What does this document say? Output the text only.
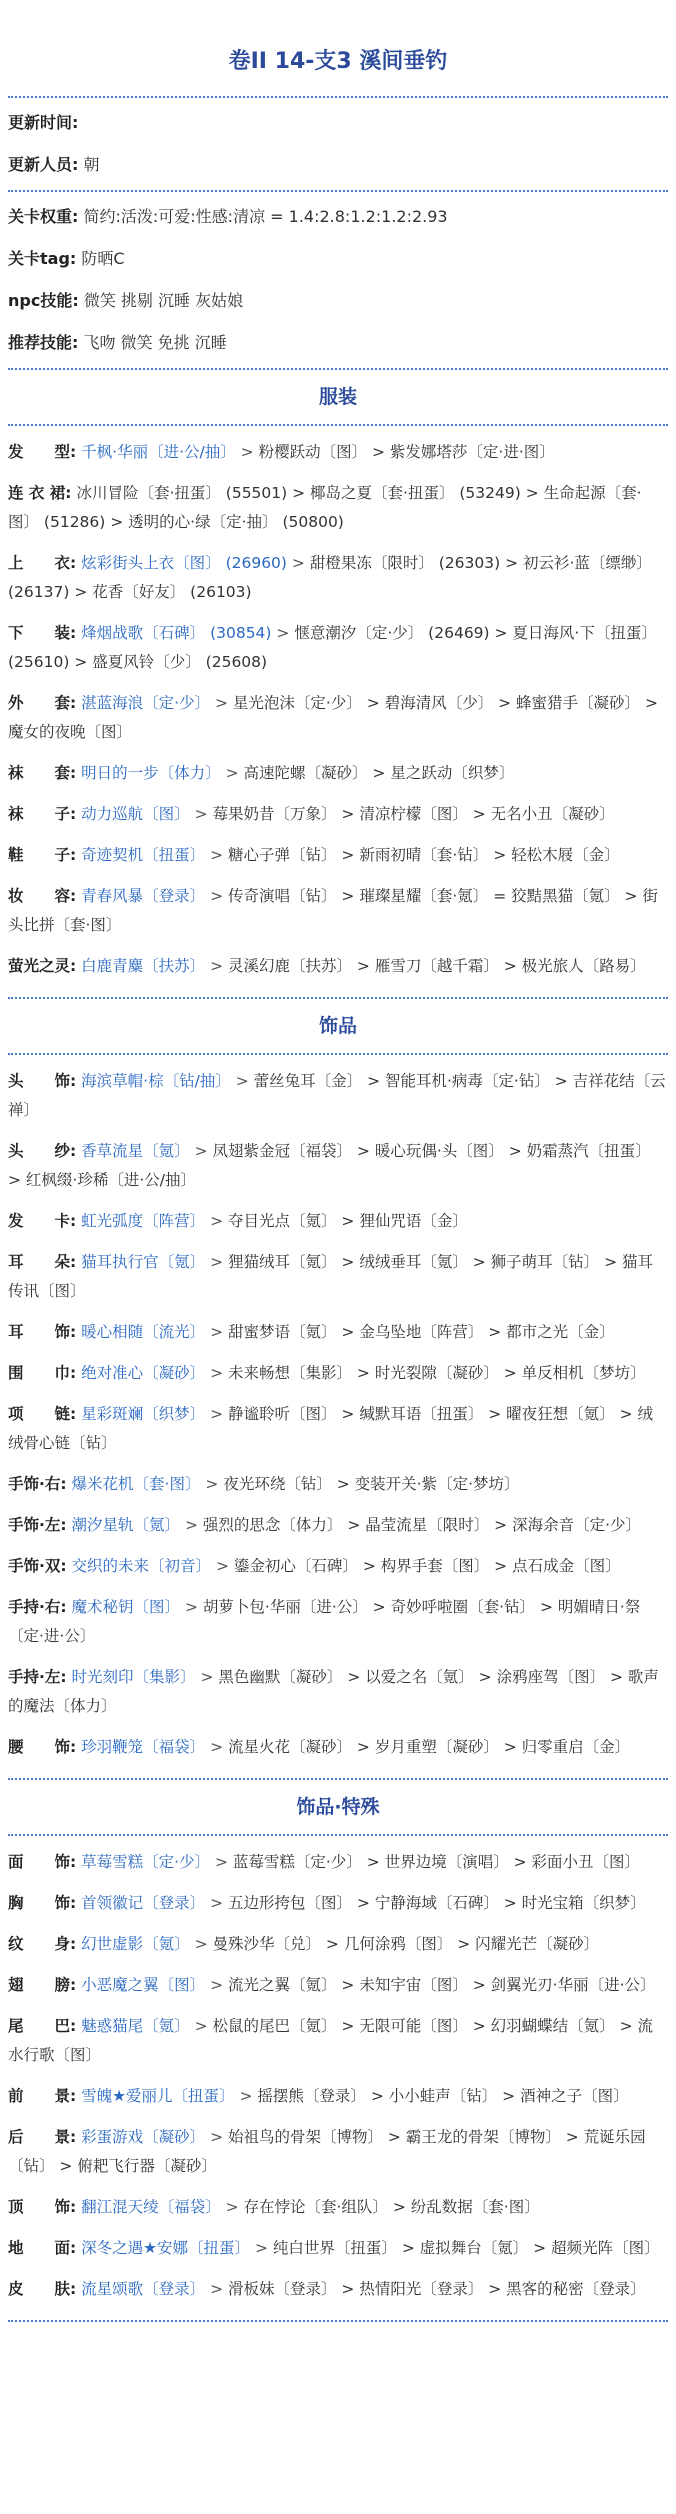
卷II 14-支3 溪间垂钓
更新时间:
更新人员: 朝
关卡权重: 简约:活泼:可爱:性感:清凉 = 1.4:2.8:1.2:1.2:2.93
关卡tag: 防晒C
npc技能: 微笑 挑剔 沉睡 灰姑娘
推荐技能: 飞吻 微笑 免挑 沉睡
服装
发　　型: 千枫·华丽〔进·公/抽〕 > 粉樱跃动〔图〕 > 紫发娜塔莎〔定·进·图〕
连 衣 裙: 冰川冒险〔套·扭蛋〕 (55501) > 椰岛之夏〔套·扭蛋〕 (53249) > 生命起源〔套·图〕 (51286) > 透明的心·绿〔定·抽〕 (50800)
上　　衣: 炫彩街头上衣〔图〕 (26960) > 甜橙果冻〔限时〕 (26303) > 初云衫·蓝〔缥缈〕 (26137) > 花香〔好友〕 (26103)
下　　装: 烽烟战歌〔石碑〕 (30854) > 惬意潮汐〔定·少〕 (26469) > 夏日海风·下〔扭蛋〕 (25610) > 盛夏风铃〔少〕 (25608)
外　　套: 湛蓝海浪〔定·少〕 > 星光泡沫〔定·少〕 > 碧海清风〔少〕 > 蜂蜜猎手〔凝砂〕 > 魔女的夜晚〔图〕
袜　　套: 明日的一步〔体力〕 > 高速陀螺〔凝砂〕 > 星之跃动〔织梦〕
袜　　子: 动力巡航〔图〕 > 莓果奶昔〔万象〕 > 清凉柠檬〔图〕 > 无名小丑〔凝砂〕
鞋　　子: 奇迹契机〔扭蛋〕 > 糖心子弹〔钻〕 > 新雨初晴〔套·钻〕 > 轻松木屐〔金〕
妆　　容: 青春风暴〔登录〕 > 传奇演唱〔钻〕 > 璀璨星耀〔套·氪〕 = 狡黠黑猫〔氪〕 > 街头比拼〔套·图〕
萤光之灵: 白鹿青麋〔扶苏〕 > 灵溪幻鹿〔扶苏〕 > 雁雪刀〔越千霜〕 > 极光旅人〔路易〕
饰品
头　　饰: 海滨草帽·棕〔钻/抽〕 > 蕾丝兔耳〔金〕 > 智能耳机·病毒〔定·钻〕 > 吉祥花结〔云禅〕
头　　纱: 香草流星〔氪〕 > 凤翅紫金冠〔福袋〕 > 暖心玩偶·头〔图〕 > 奶霜蒸汽〔扭蛋〕 > 红枫缀·珍稀〔进·公/抽〕
发　　卡: 虹光弧度〔阵营〕 > 夺目光点〔氪〕 > 狸仙咒语〔金〕
耳　　朵: 猫耳执行官〔氪〕 > 狸猫绒耳〔氪〕 > 绒绒垂耳〔氪〕 > 狮子萌耳〔钻〕 > 猫耳传讯〔图〕
耳　　饰: 暖心相随〔流光〕 > 甜蜜梦语〔氪〕 > 金乌坠地〔阵营〕 > 都市之光〔金〕
围　　巾: 绝对准心〔凝砂〕 > 未来畅想〔集影〕 > 时光裂隙〔凝砂〕 > 单反相机〔梦坊〕
项　　链: 星彩斑斓〔织梦〕 > 静谧聆听〔图〕 > 缄默耳语〔扭蛋〕 > 曜夜狂想〔氪〕 > 绒绒骨心链〔钻〕
手饰·右: 爆米花机〔套·图〕 > 夜光环绕〔钻〕 > 变装开关·紫〔定·梦坊〕
手饰·左: 潮汐星轨〔氪〕 > 强烈的思念〔体力〕 > 晶莹流星〔限时〕 > 深海余音〔定·少〕
手饰·双: 交织的未来〔初音〕 > 鎏金初心〔石碑〕 > 构界手套〔图〕 > 点石成金〔图〕
手持·右: 魔术秘钥〔图〕 > 胡萝卜包·华丽〔进·公〕 > 奇妙呼啦圈〔套·钻〕 > 明媚晴日·祭〔定·进·公〕
手持·左: 时光刻印〔集影〕 > 黑色幽默〔凝砂〕 > 以爱之名〔氪〕 > 涂鸦座驾〔图〕 > 歌声的魔法〔体力〕
腰　　饰: 珍羽鞭笼〔福袋〕 > 流星火花〔凝砂〕 > 岁月重塑〔凝砂〕 > 归零重启〔金〕
饰品·特殊
面　　饰: 草莓雪糕〔定·少〕 > 蓝莓雪糕〔定·少〕 > 世界边境〔演唱〕 > 彩面小丑〔图〕
胸　　饰: 首领徽记〔登录〕 > 五边形挎包〔图〕 > 宁静海域〔石碑〕 > 时光宝箱〔织梦〕
纹　　身: 幻世虚影〔氪〕 > 曼殊沙华〔兑〕 > 几何涂鸦〔图〕 > 闪耀光芒〔凝砂〕
翅　　膀: 小恶魔之翼〔图〕 > 流光之翼〔氪〕 > 未知宇宙〔图〕 > 剑翼光刃·华丽〔进·公〕
尾　　巴: 魅惑猫尾〔氪〕 > 松鼠的尾巴〔氪〕 > 无限可能〔图〕 > 幻羽蝴蝶结〔氪〕 > 流水行歌〔图〕
前　　景: 雪魄★爱丽儿〔扭蛋〕 > 摇摆熊〔登录〕 > 小小蛙声〔钻〕 > 酒神之子〔图〕
后　　景: 彩蛋游戏〔凝砂〕 > 始祖鸟的骨架〔博物〕 > 霸王龙的骨架〔博物〕 > 荒诞乐园〔钻〕 > 俯耙飞行器〔凝砂〕
顶　　饰: 翻江混天绫〔福袋〕 > 存在悖论〔套·组队〕 > 纷乱数据〔套·图〕
地　　面: 深冬之遇★安娜〔扭蛋〕 > 纯白世界〔扭蛋〕 > 虚拟舞台〔氪〕 > 超频光阵〔图〕
皮　　肤: 流星颂歌〔登录〕 > 滑板妹〔登录〕 > 热情阳光〔登录〕 > 黑客的秘密〔登录〕
